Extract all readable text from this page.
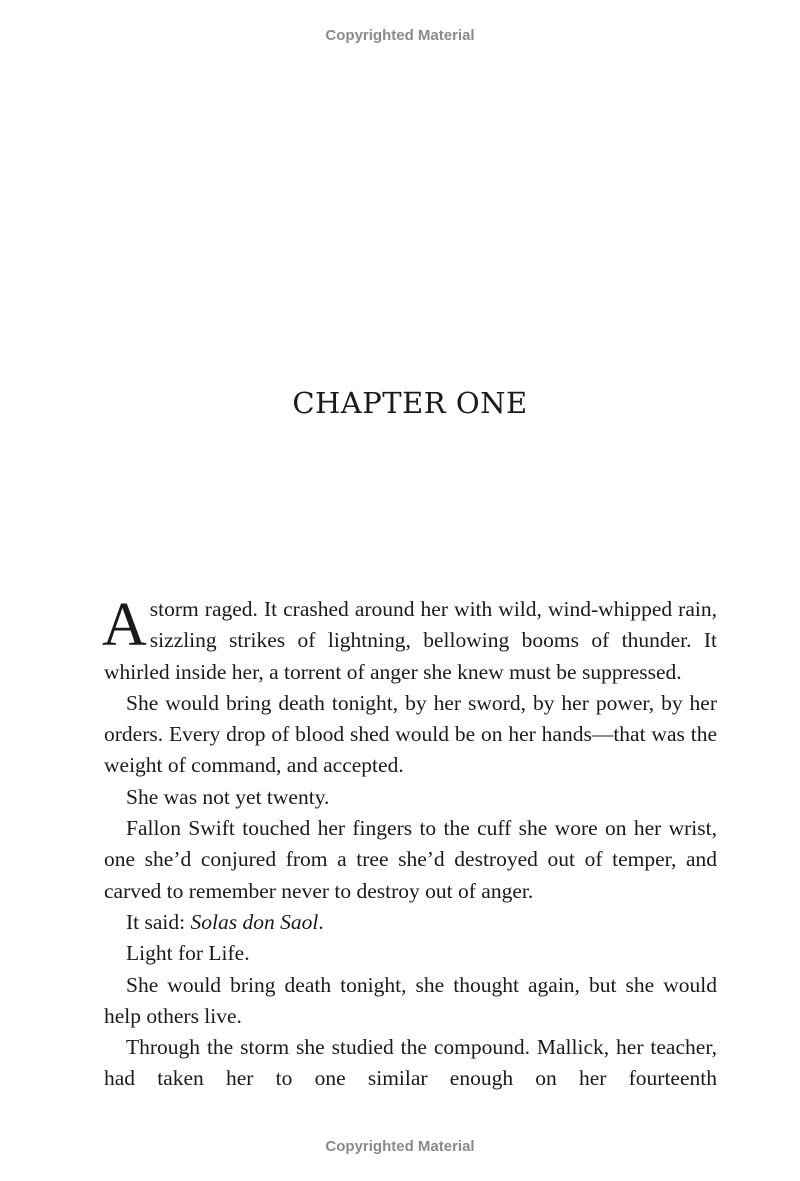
Copyrighted Material
CHAPTER ONE

A storm raged. It crashed around her with wild, wind-whipped rain, sizzling strikes of lightning, bellowing booms of thunder. It whirled inside her, a torrent of anger she knew must be suppressed.

She would bring death tonight, by her sword, by her power, by her orders. Every drop of blood shed would be on her hands—that was the weight of command, and accepted.

She was not yet twenty.

Fallon Swift touched her fingers to the cuff she wore on her wrist, one she’d conjured from a tree she’d destroyed out of temper, and carved to remember never to destroy out of anger.

It said: Solas don Saol.

Light for Life.

She would bring death tonight, she thought again, but she would help others live.

Through the storm she studied the compound. Mallick, her teacher, had taken her to one similar enough on her fourteenth

Copyrighted Material
